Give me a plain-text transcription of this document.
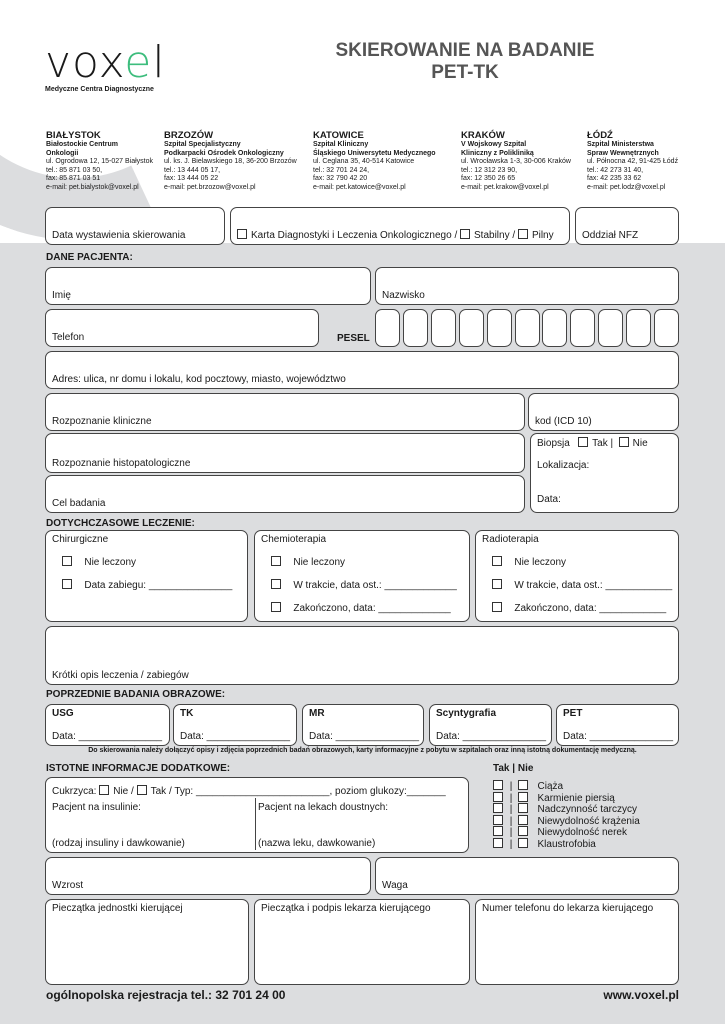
voxel
Medyczne Centra Diagnostyczne
SKIEROWANIE NA BADANIE
PET-TK
BIAŁYSTOK
Białostockie Centrum
Onkologii
ul. Ogrodowa 12, 15-027 Białystok
tel.: 85 871 03 50,
fax: 85 871 03 51
e-mail: pet.bialystok@voxel.pl
BRZOZÓW
Szpital Specjalistyczny
Podkarpacki Ośrodek Onkologiczny
ul. ks. J. Bielawskiego 18, 36-200 Brzozów
tel.: 13 444 05 17,
fax: 13 444 05 22
e-mail: pet.brzozow@voxel.pl
KATOWICE
Szpital Kliniczny
Śląskiego Uniwersytetu Medycznego
ul. Ceglana 35, 40-514 Katowice
tel.: 32 701 24 24,
fax: 32 790 42 20
e-mail: pet.katowice@voxel.pl
KRAKÓW
V Wojskowy Szpital
Kliniczny z Polikliniką
ul. Wrocławska 1-3, 30-006 Kraków
tel.: 12 312 23 90,
fax: 12 350 26 65
e-mail: pet.krakow@voxel.pl
ŁÓDŹ
Szpital Ministerstwa
Spraw Wewnętrznych
ul. Północna 42, 91-425 Łódź
tel.: 42 273 31 40,
fax: 42 235 33 62
e-mail: pet.lodz@voxel.pl
Data wystawienia skierowania	Karta Diagnostyki i Leczenia Onkologicznego / Stabilny / Pilny	Oddział NFZ
DANE PACJENTA:
Imię	Nazwisko
Telefon	PESEL
Adres: ulica, nr domu i lokalu, kod pocztowy, miasto, województwo
Rozpoznanie kliniczne	kod (ICD 10)
Rozpoznanie histopatologiczne
Cel badania
Biopsja Tak | Nie
Lokalizacja:
Data:
DOTYCHCZASOWE LECZENIE:
Chirurgiczne
Nie leczony
Data zabiegu: _______________
Chemioterapia
Nie leczony
W trakcie, data ost.: _____________
Zakończono, data: _____________
Radioterapia
Nie leczony
W trakcie, data ost.: ____________
Zakończono, data: ____________
Krótki opis leczenia / zabiegów
POPRZEDNIE BADANIA OBRAZOWE:
USG
Data: _______________
TK
Data: _______________
MR
Data: _______________
Scyntygrafia
Data: _______________
PET
Data: _______________
Do skierowania należy dołączyć opisy i zdjęcia poprzednich badań obrazowych, karty informacyjne z pobytu w szpitalach oraz inną istotną dokumentację medyczną.
ISTOTNE INFORMACJE DODATKOWE:	Tak | Nie
Cukrzyca: Nie / Tak / Typ: ________________________, poziom glukozy:_______
Pacjent na insulinie:	Pacjent na lekach doustnych:
(rodzaj insuliny i dawkowanie)	(nazwa leku, dawkowanie)
|    Ciąża
|    Karmienie piersią
|    Nadczynność tarczycy
|    Niewydolność krążenia
|    Niewydolność nerek
|    Klaustrofobia
Wzrost	Waga
Pieczątka jednostki kierującej	Pieczątka i podpis lekarza kierującego	Numer telefonu do lekarza kierującego
ogólnopolska rejestracja tel.: 32 701 24 00	www.voxel.pl
